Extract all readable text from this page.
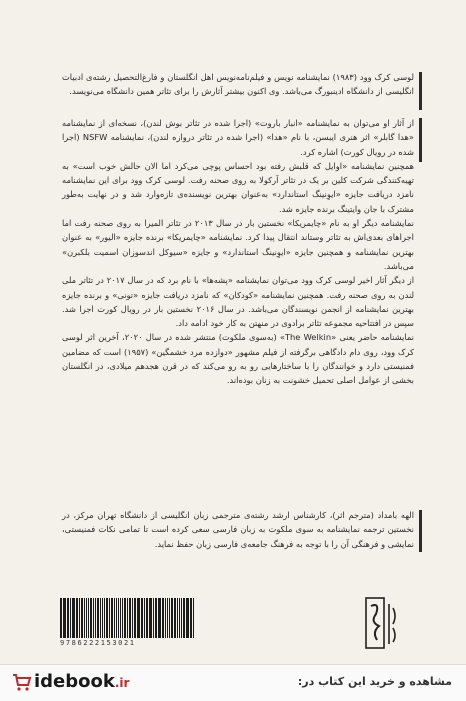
لوسی کرک وود (۱۹۸۳) نمایشنامه نویس و فیلم‌نامه‌نویس اهل انگلستان و فارغ‌التحصیل رشته‌ی ادبیات انگلیسی از دانشگاه ادینبورگ می‌باشد. وی اکنون بیشتر آثارش را برای تئاتر همین دانشگاه می‌نویسد.

از آثار او می‌توان به نمایشنامه «انبار باروت» (اجرا شده در تئاتر بوش لندن)، نسخه‌ای از نمایشنامه «هدا گابلر» اثر هنری ایبسن، با نام «هدا» (اجرا شده در تئاتر دروازه لندن)، نمایشنامه NSFW (اجرا شده در رویال کورت) اشاره کرد.

همچنین نمایشنامه «اوایل که قلبش رفته بود احساس پوچی می‌کرد اما الان حالش خوب است» به تهیه‌کنندگی شرکت کلین بر یک در تئاتر آرکولا به روی صحنه رفت. لوسی کرک وود برای این نمایشنامه نامزد دریافت جایزه «ایوِنینگ استاندارد» به‌عنوان بهترین نویسنده‌ی تازه‌وارد شد و در نهایت به‌طور مشترک با جان وایتینگ برنده جایزه شد.

نمایشنامه دیگر او به نام «چایمریکا» نخستین بار در سال ۲۰۱۳ در تئاتر المیرا به روی صحنه رفت اما اجراهای بعدی‌اش به تئاتر وستاند انتقال پیدا کرد. نمایشنامه «چایمریکا» برنده جایزه «الیور» به عنوان بهترین نمایشنامه و همچنین جایزه «ایوِنینگ استاندارد» و جایزه «سیوکل اندسوزان اسمیت بلکبرن» می‌باشد.

از دیگر آثار اخیر لوسی کرک وود می‌توان نمایشنامه «پشه‌ها» با نام برد که در سال ۲۰۱۷ در تئاتر ملی لندن به روی صحنه رفت. همچنین نمایشنامه «کودکان» که نامزد دریافت جایزه «تونی» و برنده جایزه بهترین نمایشنامه از انجمن نویسندگان می‌باشد. در سال ۲۰۱۶ نخستین بار در رویال کورت اجرا شد. سپس در افتتاحیه مجموعه تئاتر برادوی در منهتن به کار خود ادامه داد.

نمایشنامه حاضر یعنی «The Welkin» (به‌سوی ملکوت) منتشر شده در سال ۲۰۲۰، آخرین اثر لوسی کرک وود، روی دام دادگاهی برگرفته از فیلم مشهور «دوازده مرد خشمگین» (۱۹۵۷) است که مضامین فمنیستی دارد و خوانندگان را با ساختارهایی رو به رو می‌کند که در قرن هجدهم میلادی، در انگلستان بخشی از عوامل اصلی تحمیل خشونت به زنان بوده‌اند.

الهه بامداد (مترجم اثر)، کارشناس ارشد رشته‌ی مترجمی زبان انگلیسی از دانشگاه تهران مرکز، در نخستین ترجمه نمایشنامه به سوی ملکوت به زبان فارسی سعی کرده است تا تمامی نکات فمنیستی، نمایشی و فرهنگی آن را با توجه به فرهنگ جامعه‌ی فارسی زبان حفظ نماید.

9786222153021
idebook.ir	مشاهده و خرید این کتاب در:
